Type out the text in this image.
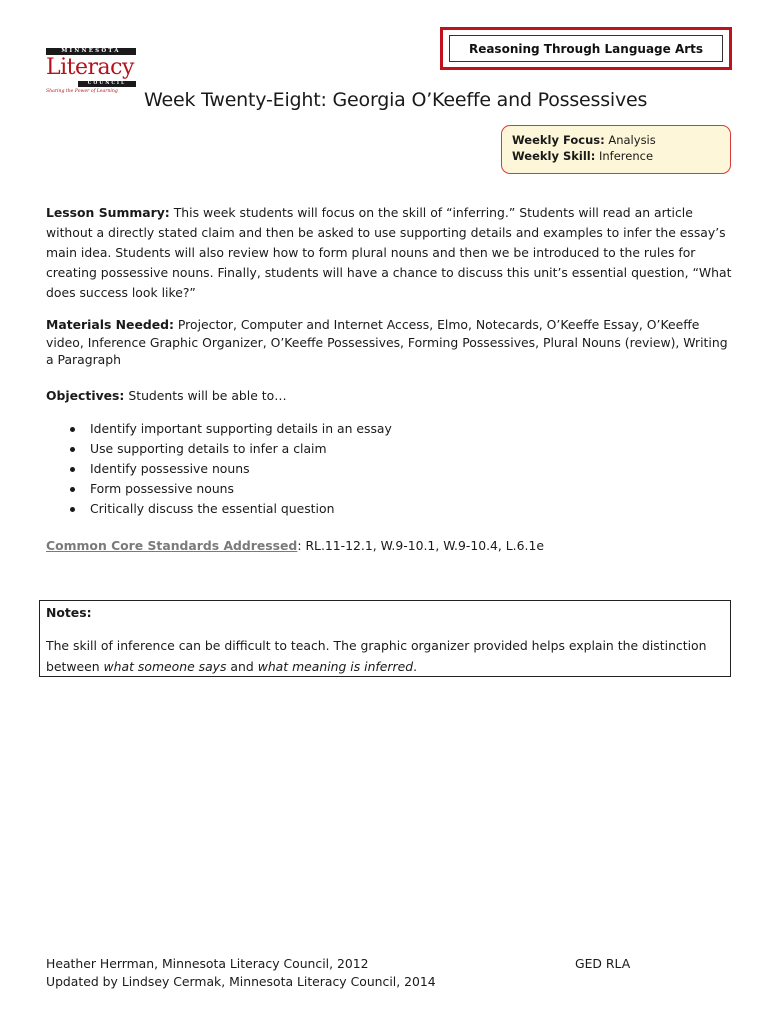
Reasoning Through Language Arts
MINNESOTA
Literacy
COUNCIL
Sharing the Power of Learning	Week Twenty-Eight: Georgia O’Keeffe and Possessives
Weekly Focus: Analysis
Weekly Skill: Inference
Lesson Summary: This week students will focus on the skill of “inferring.” Students will read an article without a directly stated claim and then be asked to use supporting details and examples to infer the essay’s main idea. Students will also review how to form plural nouns and then we be introduced to the rules for creating possessive nouns. Finally, students will have a chance to discuss this unit’s essential question, “What does success look like?”
Materials Needed: Projector, Computer and Internet Access, Elmo, Notecards, O’Keeffe Essay, O’Keeffe video, Inference Graphic Organizer, O’Keeffe Possessives, Forming Possessives, Plural Nouns (review), Writing a Paragraph
Objectives: Students will be able to…
Identify important supporting details in an essay
Use supporting details to infer a claim
Identify possessive nouns
Form possessive nouns
Critically discuss the essential question
Common Core Standards Addressed: RL.11-12.1, W.9-10.1, W.9-10.4, L.6.1e
Notes:
The skill of inference can be difficult to teach. The graphic organizer provided helps explain the distinction between what someone says and what meaning is inferred.
Heather Herrman, Minnesota Literacy Council, 2012
Updated by Lindsey Cermak, Minnesota Literacy Council, 2014
GED RLA
